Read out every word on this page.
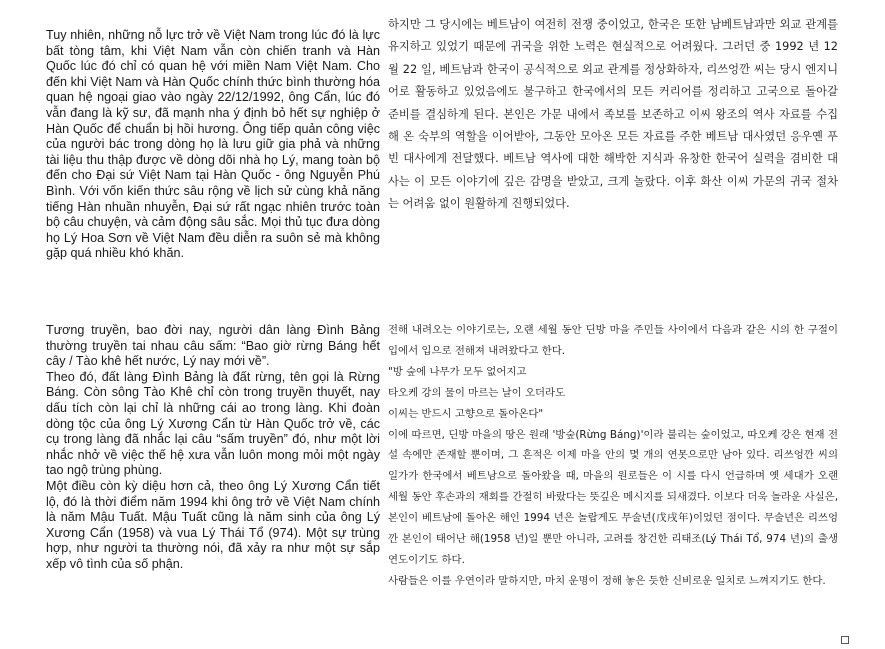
Tuy nhiên, những nỗ lực trở về Việt Nam trong lúc đó là lực bất tòng tâm, khi Việt Nam vẫn còn chiến tranh và Hàn Quốc lúc đó chỉ có quan hệ với miền Nam Việt Nam. Cho đến khi Việt Nam và Hàn Quốc chính thức bình thường hóa quan hệ ngoại giao vào ngày 22/12/1992, ông Cẩn, lúc đó vẫn đang là kỹ sư, đã mạnh nha ý định bỏ hết sự nghiệp ở Hàn Quốc để chuẩn bị hồi hương. Ông tiếp quản công việc của người bác trong dòng họ là lưu giữ gia phả và những tài liệu thu thập được về dòng dõi nhà họ Lý, mang toàn bộ đến cho Đại sứ Việt Nam tại Hàn Quốc - ông Nguyễn Phú Bình. Với vốn kiến thức sâu rộng về lịch sử cùng khả năng tiếng Hàn nhuần nhuyễn, Đại sứ rất ngạc nhiên trước toàn bộ câu chuyện, và cảm động sâu sắc. Mọi thủ tục đưa dòng họ Lý Hoa Sơn về Việt Nam đều diễn ra suôn sẻ mà không gặp quá nhiều khó khăn.

Tương truyền, bao đời nay, người dân làng Đình Bảng thường truyền tai nhau câu sấm: “Bao giờ rừng Báng hết cây / Tào khê hết nước, Lý nay mới về”.

Theo đó, đất làng Đình Bảng là đất rừng, tên gọi là Rừng Báng. Còn sông Tào Khê chỉ còn trong truyền thuyết, nay dấu tích còn lại chỉ là những cái ao trong làng. Khi đoàn dòng tộc của ông Lý Xương Cẩn từ Hàn Quốc trở về, các cụ trong làng đã nhắc lại câu “sấm truyền” đó, như một lời nhắc nhở về việc thế hệ xưa vẫn luôn mong mỏi một ngày tao ngộ trùng phùng.

Một điều còn kỳ diệu hơn cả, theo ông Lý Xương Cẩn tiết lộ, đó là thời điểm năm 1994 khi ông trở về Việt Nam chính là năm Mậu Tuất. Mậu Tuất cũng là năm sinh của ông Lý Xương Cẩn (1958) và vua Lý Thái Tổ (974). Một sự trùng hợp, như người ta thường nói, đã xảy ra như một sự sắp xếp vô tình của số phận.

하지만 그 당시에는 베트남이 여전히 전쟁 중이었고, 한국은 또한 남베트남과만 외교 관계를 유지하고 있었기 때문에 귀국을 위한 노력은 현실적으로 어려웠다. 그러던 중 1992 년 12 월 22 일, 베트남과 한국이 공식적으로 외교 관계를 정상화하자, 리쓰엉깐 씨는 당시 엔지니어로 활동하고 있었음에도 불구하고 한국에서의 모든 커리어를 정리하고 고국으로 돌아갈 준비를 결심하게 된다. 본인은 가문 내에서 족보를 보존하고 이씨 왕조의 역사 자료를 수집해 온 숙부의 역할을 이어받아, 그동안 모아온 모든 자료를 주한 베트남 대사였던 응우옌 푸 빈 대사에게 전달했다. 베트남 역사에 대한 해박한 지식과 유창한 한국어 실력을 겸비한 대사는 이 모든 이야기에 깊은 감명을 받았고, 크게 놀랐다. 이후 화산 이씨 가문의 귀국 절차는 어려움 없이 원활하게 진행되었다.

전해 내려오는 이야기로는, 오랜 세월 동안 딘방 마을 주민들 사이에서 다음과 같은 시의 한 구절이 입에서 입으로 전해져 내려왔다고 한다.

"방 숲에 나무가 모두 없어지고

타오케 강의 물이 마르는 날이 오더라도

이씨는 반드시 고향으로 돌아온다"

이에 따르면, 딘방 마을의 땅은 원래 '방숲(Rừng Báng)'이라 불리는 숲이었고, 따오케 강은 현재 전설 속에만 존재할 뿐이며, 그 흔적은 이제 마을 안의 몇 개의 연못으로만 남아 있다. 리쓰엉깐 씨의 일가가 한국에서 베트남으로 돌아왔을 때, 마을의 원로들은 이 시를 다시 언급하며 옛 세대가 오랜 세월 동안 후손과의 재회를 간절히 바랐다는 뜻깊은 메시지를 되새겼다. 이보다 더욱 놀라운 사실은, 본인이 베트남에 돌아온 해인 1994 년은 놀랍게도 무술년(戊戌年)이었던 점이다. 무술년은 리쓰엉깐 본인이 태어난 해(1958 년)일 뿐만 아니라, 고려를 창건한 리태조(Lý Thái Tổ, 974 년)의 출생연도이기도 하다.

사람들은 이를 우연이라 말하지만, 마치 운명이 정해 놓은 듯한 신비로운 일치로 느껴지기도 한다.
